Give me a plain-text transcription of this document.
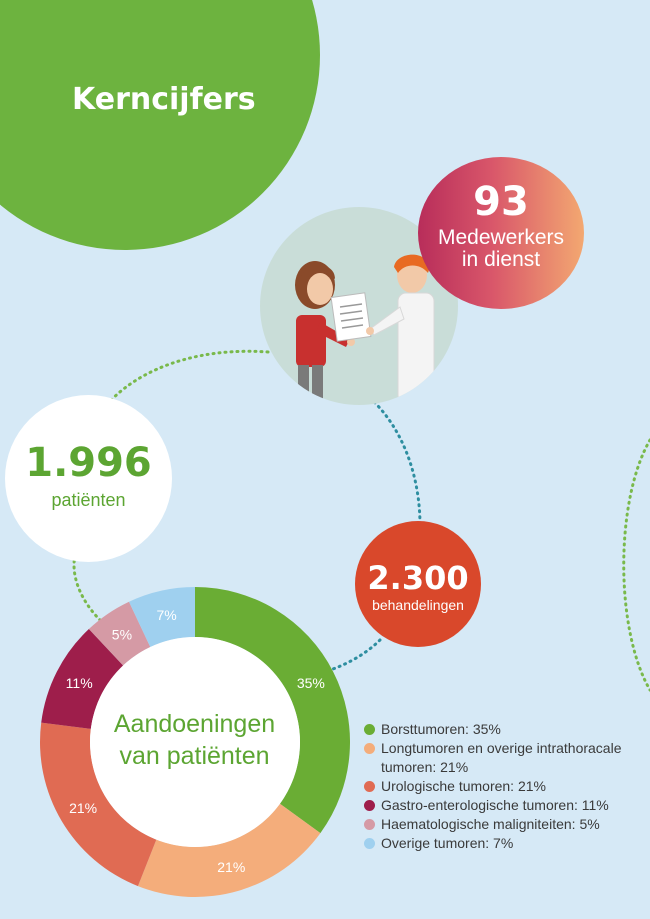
Kerncijfers
93
Medewerkers in dienst
1.996
patiënten
2.300
behandelingen
35%
21%
21%
11%
5%
7%
Aandoeningen van patiënten
Borsttumoren: 35%
Longtumoren en overige intrathoracale tumoren: 21%
Urologische tumoren: 21%
Gastro-enterologische tumoren: 11%
Haematologische maligniteiten: 5%
Overige tumoren: 7%
